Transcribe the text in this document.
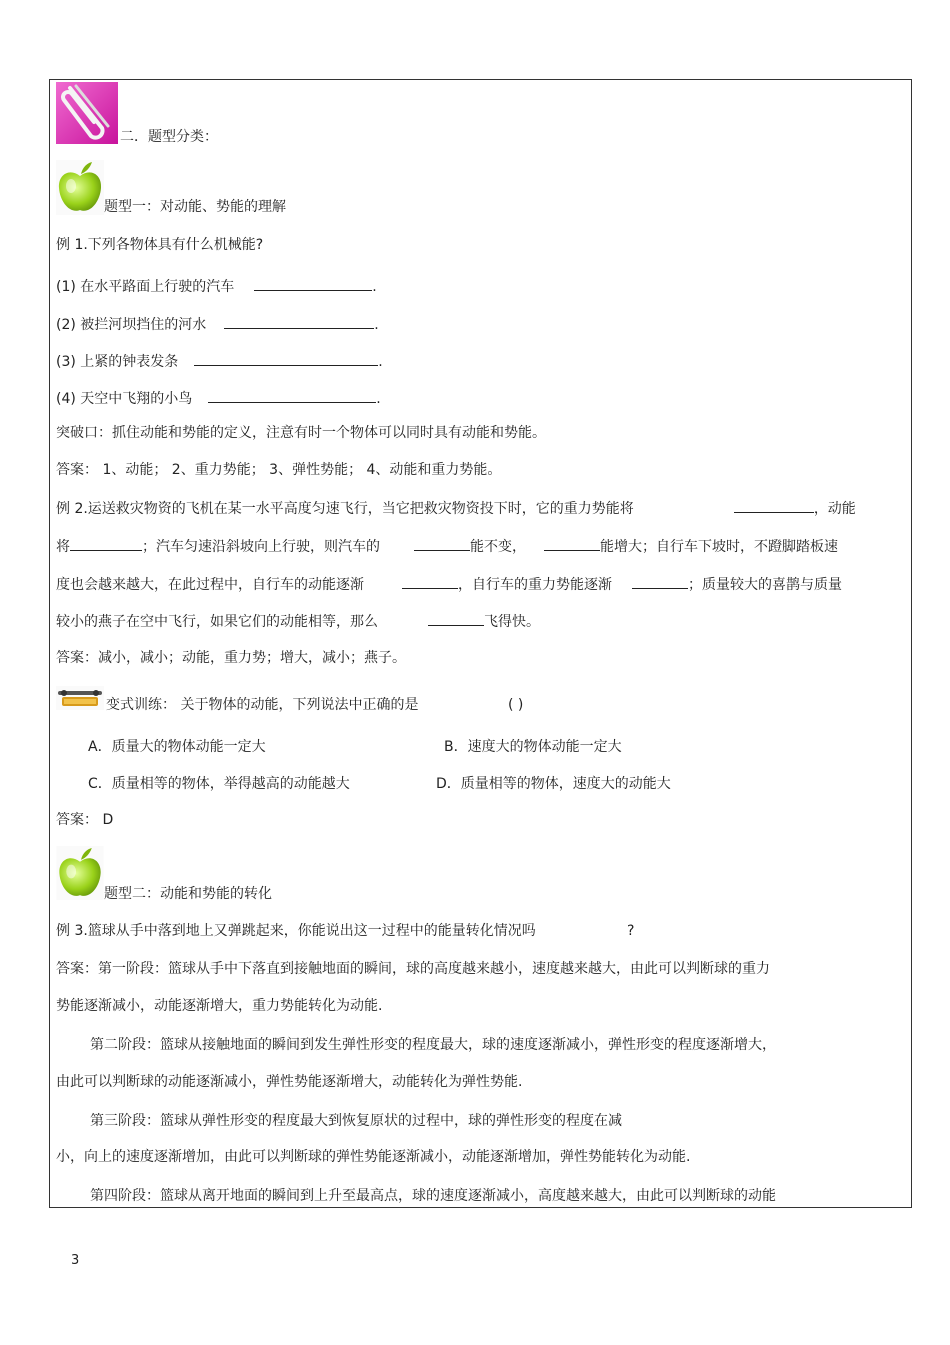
二．题型分类：
题型一：对动能、势能的理解
例 1.下列各物体具有什么机械能?
(1) 在水平路面上行驶的汽车	.
(2) 被拦河坝挡住的河水	.
(3) 上紧的钟表发条	.
(4) 天空中飞翔的小鸟	.
突破口：抓住动能和势能的定义，注意有时一个物体可以同时具有动能和势能。
答案： 1、动能； 2、重力势能； 3、弹性势能； 4、动能和重力势能。
例 2.运送救灾物资的飞机在某一水平高度匀速飞行，当它把救灾物资投下时，它的重力势能将	，动能
将	；汽车匀速沿斜坡向上行驶，则汽车的	能不变，	能增大；自行车下坡时，不蹬脚踏板速
度也会越来越大，在此过程中，自行车的动能逐渐	，自行车的重力势能逐渐	；质量较大的喜鹊与质量
较小的燕子在空中飞行，如果它们的动能相等，那么	飞得快。
答案：减小，减小；动能，重力势；增大，减小；燕子。
变式训练： 关于物体的动能，下列说法中正确的是	( )
A．质量大的物体动能一定大	B．速度大的物体动能一定大
C．质量相等的物体，举得越高的动能越大	D．质量相等的物体，速度大的动能大
答案： D
题型二：动能和势能的转化
例 3.篮球从手中落到地上又弹跳起来，你能说出这一过程中的能量转化情况吗	?
答案：第一阶段：篮球从手中下落直到接触地面的瞬间，球的高度越来越小，速度越来越大，由此可以判断球的重力
势能逐渐减小，动能逐渐增大，重力势能转化为动能.
第二阶段：篮球从接触地面的瞬间到发生弹性形变的程度最大，球的速度逐渐减小，弹性形变的程度逐渐增大，
由此可以判断球的动能逐渐减小，弹性势能逐渐增大，动能转化为弹性势能.
第三阶段：篮球从弹性形变的程度最大到恢复原状的过程中，球的弹性形变的程度在减
小，向上的速度逐渐增加，由此可以判断球的弹性势能逐渐减小，动能逐渐增加，弹性势能转化为动能.
第四阶段：篮球从离开地面的瞬间到上升至最高点，球的速度逐渐减小，高度越来越大，由此可以判断球的动能
3
